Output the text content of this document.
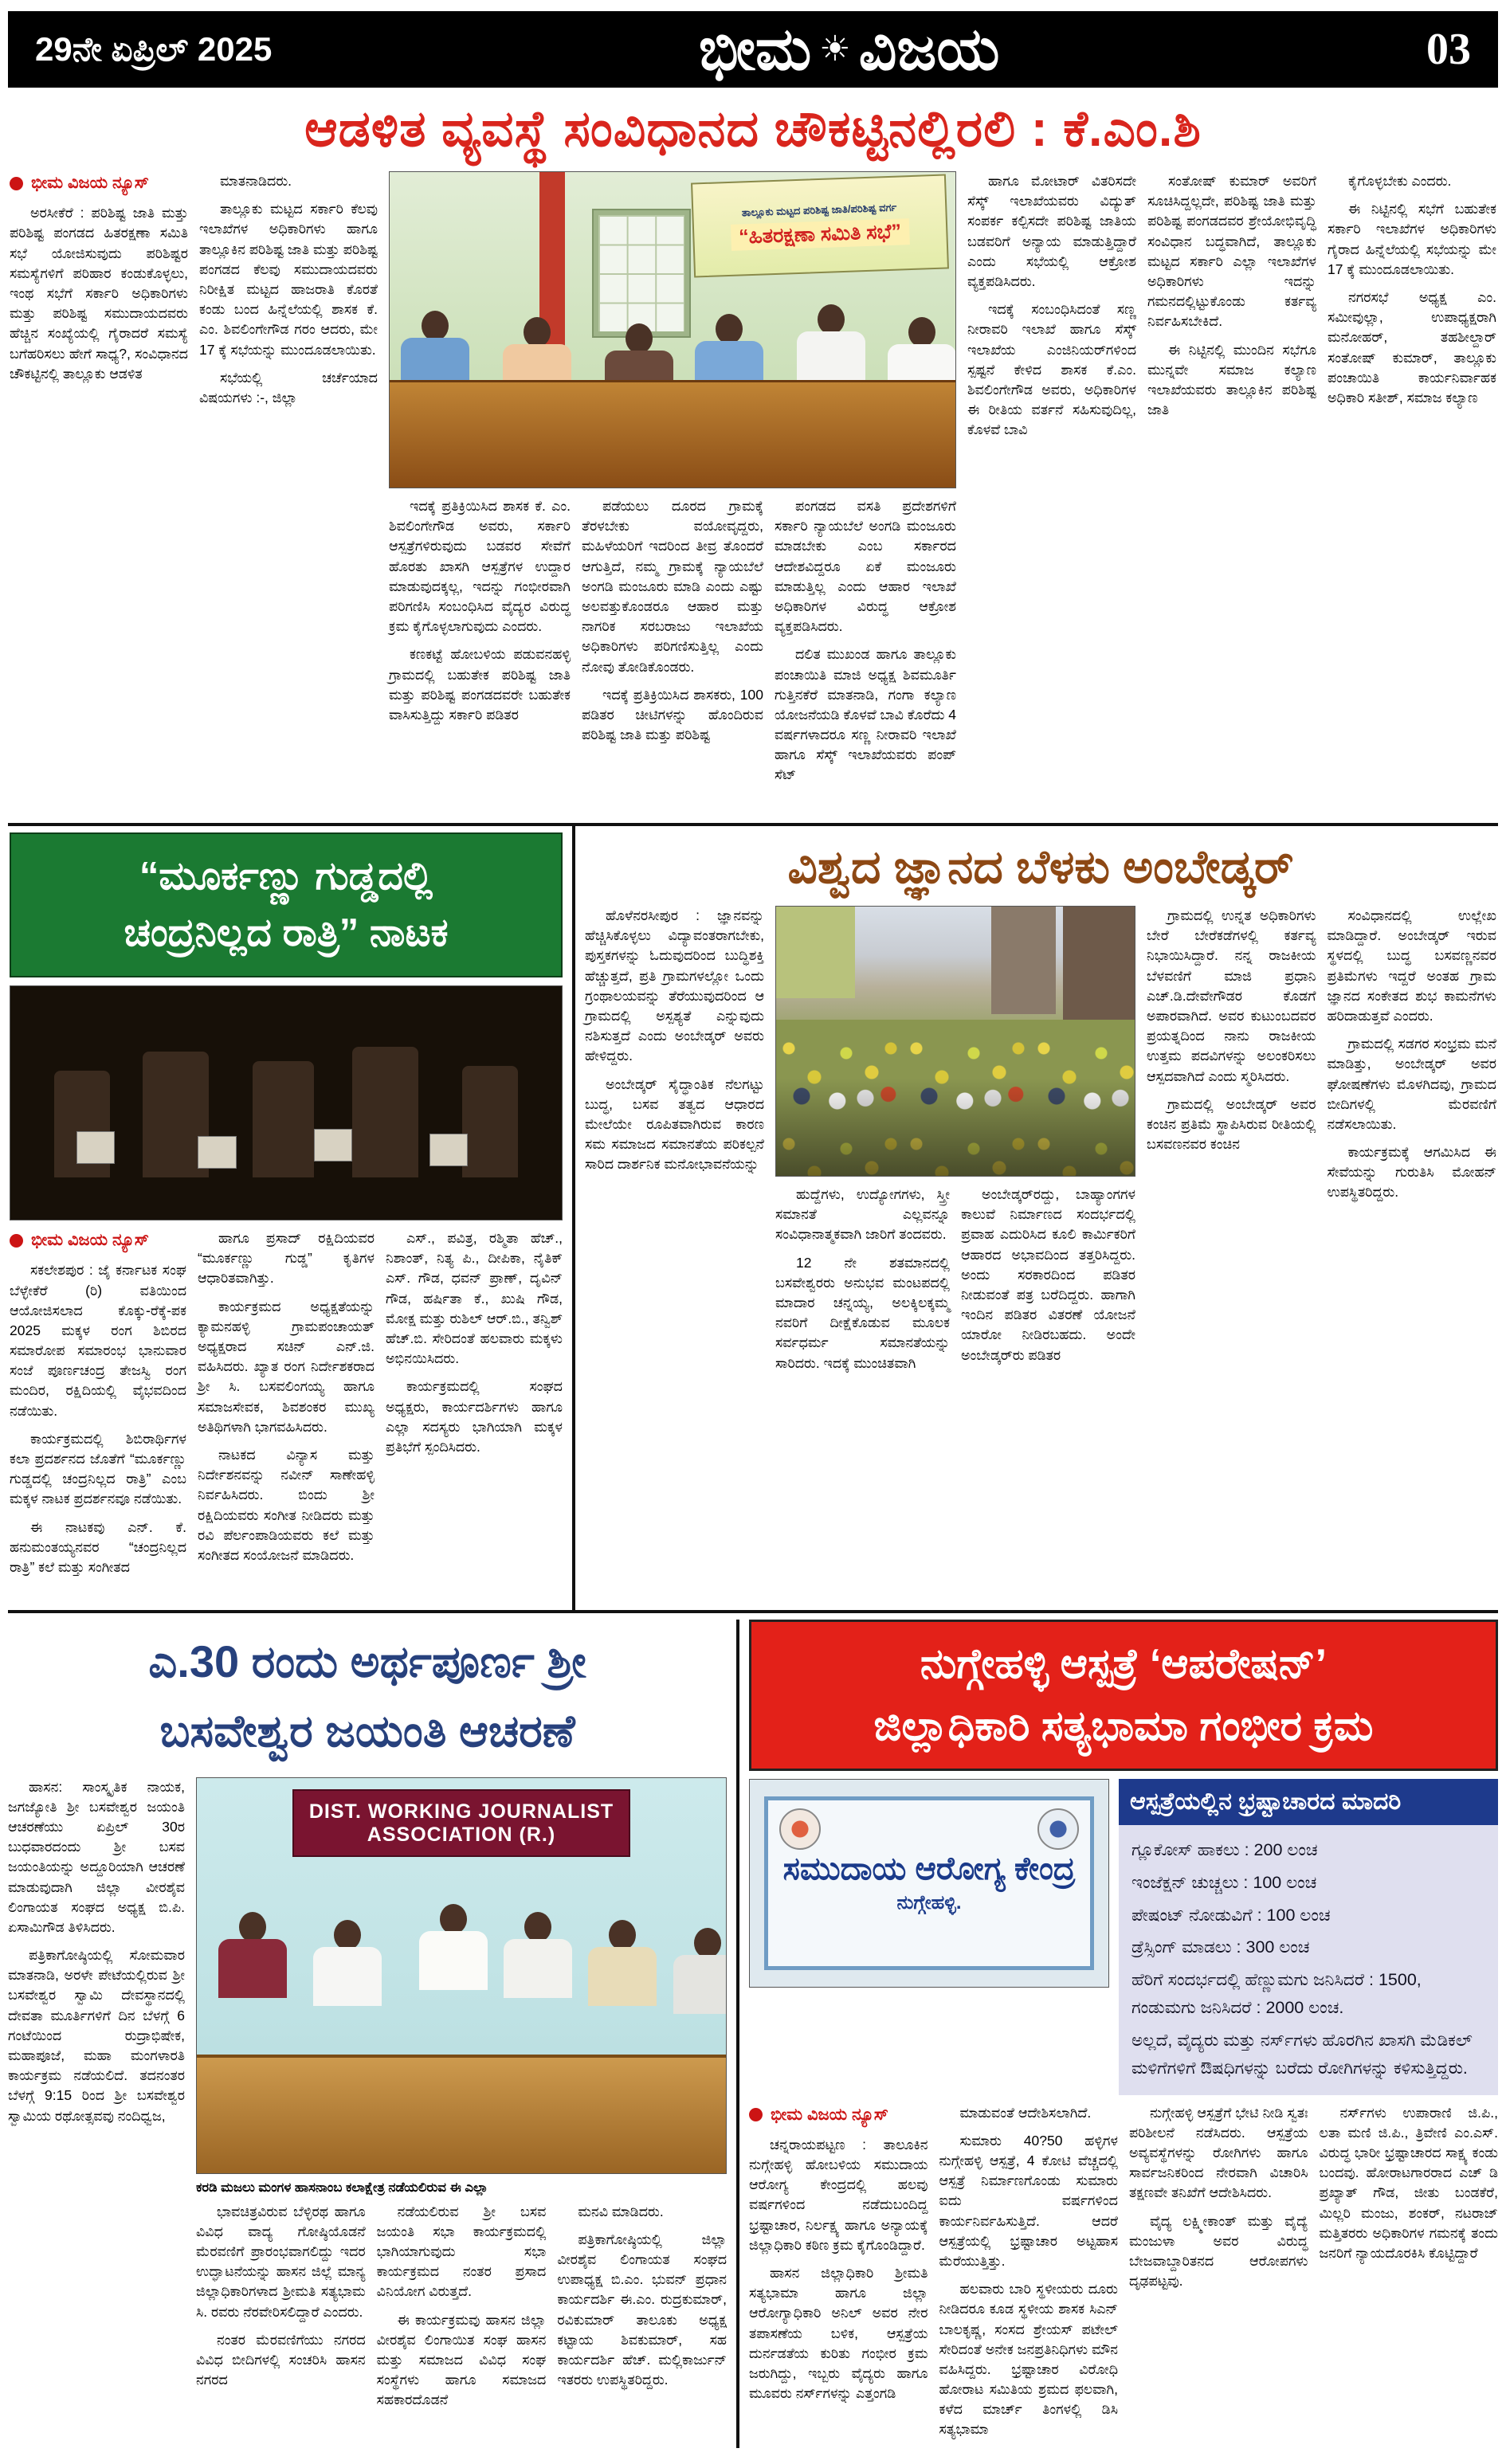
29ನೇ ಏಪ್ರಿಲ್ 2025	ಭೀಮ ☀ ವಿಜಯ	03
ಆಡಳಿತ ವ್ಯವಸ್ಥೆ ಸಂವಿಧಾನದ ಚೌಕಟ್ಟಿನಲ್ಲಿರಲಿ : ಕೆ.ಎಂ.ಶಿ
ಭೀಮ ವಿಜಯ ನ್ಯೂಸ್

ಅರಸೀಕೆರೆ : ಪರಿಶಿಷ್ಟ ಜಾತಿ ಮತ್ತು ಪರಿಶಿಷ್ಟ ಪಂಗಡದ ಹಿತರಕ್ಷಣಾ ಸಮಿತಿ ಸಭೆ ಯೋಜಿಸುವುದು ಪರಿಶಿಷ್ಟರ ಸಮಸ್ಯೆಗಳಿಗೆ ಪರಿಹಾರ ಕಂಡುಕೊಳ್ಳಲು, ಇಂಥ ಸಭೆಗೆ ಸರ್ಕಾರಿ ಅಧಿಕಾರಿಗಳು ಮತ್ತು ಪರಿಶಿಷ್ಟ ಸಮುದಾಯದವರು ಹೆಚ್ಚಿನ ಸಂಖ್ಯೆಯಲ್ಲಿ ಗೈರಾದರೆ ಸಮಸ್ಯೆ ಬಗೆಹರಿಸಲು ಹೇಗೆ ಸಾಧ್ಯ?, ಸಂವಿಧಾನದ ಚೌಕಟ್ಟಿನಲ್ಲಿ ತಾಲ್ಲೂಕು ಆಡಳಿತ

ಮಾತನಾಡಿದರು.

ತಾಲ್ಲೂಕು ಮಟ್ಟದ ಸರ್ಕಾರಿ ಕೆಲವು ಇಲಾಖೆಗಳ ಅಧಿಕಾರಿಗಳು ಹಾಗೂ ತಾಲ್ಲೂಕಿನ ಪರಿಶಿಷ್ಟ ಜಾತಿ ಮತ್ತು ಪರಿಶಿಷ್ಟ ಪಂಗಡದ ಕೆಲವು ಸಮುದಾಯದವರು ನಿರೀಕ್ಷಿತ ಮಟ್ಟದ ಹಾಜರಾತಿ ಕೊರತೆ ಕಂಡು ಬಂದ ಹಿನ್ನೆಲೆಯಲ್ಲಿ ಶಾಸಕ ಕೆ. ಎಂ. ಶಿವಲಿಂಗೇಗೌಡ ಗರಂ ಆದರು, ಮೇ 17 ಕ್ಕೆ ಸಭೆಯನ್ನು ಮುಂದೂಡಲಾಯಿತು.

ಸಭೆಯಲ್ಲಿ ಚರ್ಚೆಯಾದ ವಿಷಯಗಳು :-, ಜಿಲ್ಲಾ

ತಾಲ್ಲೂಕು ಮಟ್ಟದ ಪರಿಶಿಷ್ಟ ಜಾತಿ/ಪರಿಶಿಷ್ಟ ವರ್ಗ
“ಹಿತರಕ್ಷಣಾ ಸಮಿತಿ ಸಭೆ”

ಇದಕ್ಕೆ ಪ್ರತಿಕ್ರಿಯಿಸಿದ ಶಾಸಕ ಕೆ. ಎಂ. ಶಿವಲಿಂಗೇಗೌಡ ಅವರು, ಸರ್ಕಾರಿ ಆಸ್ಪತ್ರೆಗಳಿರುವುದು ಬಡವರ ಸೇವೆಗೆ ಹೊರತು ಖಾಸಗಿ ಆಸ್ಪತ್ರೆಗಳ ಉದ್ದಾರ ಮಾಡುವುದಕ್ಕಲ್ಲ, ಇದನ್ನು ಗಂಭೀರವಾಗಿ ಪರಿಗಣಿಸಿ ಸಂಬಂಧಿಸಿದ ವೈದ್ಯರ ವಿರುದ್ಧ ಕ್ರಮ ಕೈಗೊಳ್ಳಲಾಗುವುದು ಎಂದರು.

ಕಣಕಟ್ಟೆ ಹೋಬಳಿಯ ಪಡುವನಹಳ್ಳಿ ಗ್ರಾಮದಲ್ಲಿ ಬಹುತೇಕ ಪರಿಶಿಷ್ಟ ಜಾತಿ ಮತ್ತು ಪರಿಶಿಷ್ಟ ಪಂಗಡದವರೇ ಬಹುತೇಕ ವಾಸಿಸುತ್ತಿದ್ದು ಸರ್ಕಾರಿ ಪಡಿತರ

ಪಡೆಯಲು ದೂರದ ಗ್ರಾಮಕ್ಕೆ ತೆರಳಬೇಕು ವಯೋವೃದ್ದರು, ಮಹಿಳೆಯರಿಗೆ ಇದರಿಂದ ತೀವ್ರ ತೊಂದರೆ ಆಗುತ್ತಿದೆ, ನಮ್ಮ ಗ್ರಾಮಕ್ಕೆ ನ್ಯಾಯಬೆಲೆ ಅಂಗಡಿ ಮಂಜೂರು ಮಾಡಿ ಎಂದು ಎಷ್ಟು ಅಲವತ್ತುಕೊಂಡರೂ ಆಹಾರ ಮತ್ತು ನಾಗರಿಕ ಸರಬರಾಜು ಇಲಾಖೆಯ ಅಧಿಕಾರಿಗಳು ಪರಿಗಣಿಸುತ್ತಿಲ್ಲ ಎಂದು ನೋವು ತೋಡಿಕೊಂಡರು.

ಇದಕ್ಕೆ ಪ್ರತಿಕ್ರಿಯಿಸಿದ ಶಾಸಕರು, 100 ಪಡಿತರ ಚೀಟಿಗಳನ್ನು ಹೊಂದಿರುವ ಪರಿಶಿಷ್ಟ ಜಾತಿ ಮತ್ತು ಪರಿಶಿಷ್ಟ

ಪಂಗಡದ ವಸತಿ ಪ್ರದೇಶಗಳಿಗೆ ಸರ್ಕಾರಿ ನ್ಯಾಯಬೆಲೆ ಅಂಗಡಿ ಮಂಜೂರು ಮಾಡಬೇಕು ಎಂಬ ಸರ್ಕಾರದ ಆದೇಶವಿದ್ದರೂ ಏಕೆ ಮಂಜೂರು ಮಾಡುತ್ತಿಲ್ಲ ಎಂದು ಆಹಾರ ಇಲಾಖೆ ಅಧಿಕಾರಿಗಳ ವಿರುದ್ಧ ಆಕ್ರೋಶ ವ್ಯಕ್ತಪಡಿಸಿದರು.

ದಲಿತ ಮುಖಂಡ ಹಾಗೂ ತಾಲ್ಲೂಕು ಪಂಚಾಯಿತಿ ಮಾಜಿ ಅಧ್ಯಕ್ಷ ಶಿವಮೂರ್ತಿ ಗುತ್ತಿನಕೆರೆ ಮಾತನಾಡಿ, ಗಂಗಾ ಕಲ್ಯಾಣ ಯೋಜನೆಯಡಿ ಕೊಳವೆ ಬಾವಿ ಕೊರೆದು 4 ವರ್ಷಗಳಾದರೂ ಸಣ್ಣ ನೀರಾವರಿ ಇಲಾಖೆ ಹಾಗೂ ಸೆಸ್ಕ್ ಇಲಾಖೆಯವರು ಪಂಪ್ ಸೆಟ್

ಹಾಗೂ ಮೋಟಾರ್ ವಿತರಿಸದೇ ಸೆಸ್ಕ್ ಇಲಾಖೆಯವರು ವಿದ್ಯುತ್ ಸಂಪರ್ಕ ಕಲ್ಪಿಸದೇ ಪರಿಶಿಷ್ಟ ಜಾತಿಯ ಬಡವರಿಗೆ ಅನ್ಯಾಯ ಮಾಡುತ್ತಿದ್ದಾರೆ ಎಂದು ಸಭೆಯಲ್ಲಿ ಆಕ್ರೋಶ ವ್ಯಕ್ತಪಡಿಸಿದರು.

ಇದಕ್ಕೆ ಸಂಬಂಧಿಸಿದಂತೆ ಸಣ್ಣ ನೀರಾವರಿ ಇಲಾಖೆ ಹಾಗೂ ಸೆಸ್ಕ್ ಇಲಾಖೆಯ ಎಂಜಿನಿಯರ್‌ಗಳಿಂದ ಸ್ಪಷ್ಟನೆ ಕೇಳಿದ ಶಾಸಕ ಕೆ.ಎಂ. ಶಿವಲಿಂಗೇಗೌಡ ಅವರು, ಅಧಿಕಾರಿಗಳ ಈ ರೀತಿಯ ವರ್ತನೆ ಸಹಿಸುವುದಿಲ್ಲ, ಕೊಳವೆ ಬಾವಿ

ಸಂತೋಷ್ ಕುಮಾರ್ ಅವರಿಗೆ ಸೂಚಿಸಿದ್ದಲ್ಲದೇ, ಪರಿಶಿಷ್ಟ ಜಾತಿ ಮತ್ತು ಪರಿಶಿಷ್ಟ ಪಂಗಡದವರ ಶ್ರೇಯೋಭಿವೃದ್ಧಿ ಸಂವಿಧಾನ ಬದ್ಧವಾಗಿದೆ, ತಾಲ್ಲೂಕು ಮಟ್ಟದ ಸರ್ಕಾರಿ ಎಲ್ಲಾ ಇಲಾಖೆಗಳ ಅಧಿಕಾರಿಗಳು ಇದನ್ನು ಗಮನದಲ್ಲಿಟ್ಟುಕೊಂಡು ಕರ್ತವ್ಯ ನಿರ್ವಹಿಸಬೇಕಿದೆ.

ಈ ನಿಟ್ಟಿನಲ್ಲಿ ಮುಂದಿನ ಸಭೆಗೂ ಮುನ್ನವೇ ಸಮಾಜ ಕಲ್ಯಾಣ ಇಲಾಖೆಯವರು ತಾಲ್ಲೂಕಿನ ಪರಿಶಿಷ್ಟ ಜಾತಿ

ಕೈಗೊಳ್ಳಬೇಕು ಎಂದರು.

ಈ ನಿಟ್ಟಿನಲ್ಲಿ ಸಭೆಗೆ ಬಹುತೇಕ ಸರ್ಕಾರಿ ಇಲಾಖೆಗಳ ಅಧಿಕಾರಿಗಳು ಗೈರಾದ ಹಿನ್ನೆಲೆಯಲ್ಲಿ ಸಭೆಯನ್ನು ಮೇ 17 ಕ್ಕೆ ಮುಂದೂಡಲಾಯಿತು.

ನಗರಸಭೆ ಅಧ್ಯಕ್ಷ ಎಂ. ಸಮೀವುಲ್ಲಾ, ಉಪಾಧ್ಯಕ್ಷರಾಗಿ ಮನೋಹರ್, ತಹಶೀಲ್ದಾರ್ ಸಂತೋಷ್ ಕುಮಾರ್, ತಾಲ್ಲೂಕು ಪಂಚಾಯಿತಿ ಕಾರ್ಯನಿರ್ವಾಹಕ ಅಧಿಕಾರಿ ಸತೀಶ್, ಸಮಾಜ ಕಲ್ಯಾಣ

“ಮೂರ್ಕಣ್ಣು ಗುಡ್ಡದಲ್ಲಿ
ಚಂದ್ರನಿಲ್ಲದ ರಾತ್ರಿ” ನಾಟಕ
ಭೀಮ ವಿಜಯ ನ್ಯೂಸ್

ಸಕಲೇಶಪುರ : ಜೈ ಕರ್ನಾಟಕ ಸಂಘ ಬೆಳ್ಳೇಕೆರೆ (ರಿ) ವತಿಯಿಂದ ಆಯೋಜಿಸಲಾದ ಕೊಕ್ಕು-ರೆಕ್ಕೆ-ಪಕ 2025 ಮಕ್ಕಳ ರಂಗ ಶಿಬಿರದ ಸಮಾರೋಪ ಸಮಾರಂಭ ಭಾನುವಾರ ಸಂಜೆ ಪೂರ್ಣಚಂದ್ರ ತೇಜಸ್ವಿ ರಂಗ ಮಂದಿರ, ರಕ್ಷಿದಿಯಲ್ಲಿ ವೈಭವದಿಂದ ನಡೆಯಿತು.

ಕಾರ್ಯಕ್ರಮದಲ್ಲಿ ಶಿಬಿರಾರ್ಥಿಗಳ ಕಲಾ ಪ್ರದರ್ಶನದ ಜೊತೆಗೆ “ಮೂರ್ಕಣ್ಣು ಗುಡ್ಡದಲ್ಲಿ ಚಂದ್ರನಿಲ್ಲದ ರಾತ್ರಿ” ಎಂಬ ಮಕ್ಕಳ ನಾಟಕ ಪ್ರದರ್ಶನವೂ ನಡೆಯಿತು.

ಈ ನಾಟಕವು ಎನ್. ಕೆ. ಹನುಮಂತಯ್ಯನವರ “ಚಂದ್ರನಿಲ್ಲದ ರಾತ್ರಿ” ಕಲೆ ಮತ್ತು ಸಂಗೀತದ

ಹಾಗೂ ಪ್ರಸಾದ್ ರಕ್ಷಿದಿಯವರ “ಮೂರ್ಕಣ್ಣು ಗುಡ್ಡ” ಕೃತಿಗಳ ಆಧಾರಿತವಾಗಿತ್ತು.

ಕಾರ್ಯಕ್ರಮದ ಅಧ್ಯಕ್ಷತೆಯನ್ನು ಕ್ಯಾಮನಹಳ್ಳಿ ಗ್ರಾಮಪಂಚಾಯತ್ ಅಧ್ಯಕ್ಷರಾದ ಸಚಿನ್ ಎನ್.ಜಿ. ವಹಿಸಿದರು. ಖ್ಯಾತ ರಂಗ ನಿರ್ದೇಶಕರಾದ ಶ್ರೀ ಸಿ. ಬಸವಲಿಂಗಯ್ಯ ಹಾಗೂ ಸಮಾಜಸೇವಕ, ಶಿವಶಂಕರ ಮುಖ್ಯ ಅತಿಥಿಗಳಾಗಿ ಭಾಗವಹಿಸಿದರು.

ನಾಟಕದ ವಿನ್ಯಾಸ ಮತ್ತು ನಿರ್ದೇಶನವನ್ನು ನವೀನ್ ಸಾಣೇಹಳ್ಳಿ ನಿರ್ವಹಿಸಿದರು. ಬಿಂದು ಶ್ರೀ ರಕ್ಷಿದಿಯವರು ಸಂಗೀತ ನೀಡಿದರು ಮತ್ತು ರವಿ ಪೆರ್ಲಂಪಾಡಿಯವರು ಕಲೆ ಮತ್ತು ಸಂಗೀತದ ಸಂಯೋಜನೆ ಮಾಡಿದರು.

ಎಸ್., ಪವಿತ್ರ, ರಶ್ಮಿತಾ ಹೆಚ್., ನಿಶಾಂತ್, ನಿತ್ಯ ಪಿ., ದೀಪಿಕಾ, ನೈತಿಕ್ ಎಸ್. ಗೌಡ, ಧವನ್ ಪ್ರಾಣ್, ದೃವಿನ್ ಗೌಡ, ಹರ್ಷಿತಾ ಕೆ., ಖುಷಿ ಗೌಡ, ಮೋಕ್ಷ ಮತ್ತು ರುಶಿಲ್ ಆರ್.ಬಿ., ತನ್ವಿಶ್ ಹೆಚ್.ಬಿ. ಸೇರಿದಂತೆ ಹಲವಾರು ಮಕ್ಕಳು ಅಭಿನಯಿಸಿದರು.

ಕಾರ್ಯಕ್ರಮದಲ್ಲಿ ಸಂಘದ ಅಧ್ಯಕ್ಷರು, ಕಾರ್ಯದರ್ಶಿಗಳು ಹಾಗೂ ಎಲ್ಲಾ ಸದಸ್ಯರು ಭಾಗಿಯಾಗಿ ಮಕ್ಕಳ ಪ್ರತಿಭೆಗೆ ಸ್ಪಂದಿಸಿದರು.

ವಿಶ್ವದ ಜ್ಞಾನದ ಬೆಳಕು ಅಂಬೇಡ್ಕರ್

ಹೊಳೆನರಸೀಪುರ : ಜ್ಞಾನವನ್ನು ಹೆಚ್ಚಿಸಿಕೊಳ್ಳಲು ವಿದ್ಯಾವಂತರಾಗಬೇಕು, ಪುಸ್ತಕಗಳನ್ನು ಓದುವುದರಿಂದ ಬುದ್ಧಿಶಕ್ತಿ ಹೆಚ್ಚುತ್ತದೆ, ಪ್ರತಿ ಗ್ರಾಮಗಳಲ್ಲೋ ಒಂದು ಗ್ರಂಥಾಲಯವನ್ನು ತೆರೆಯುವುದರಿಂದ ಆ ಗ್ರಾಮದಲ್ಲಿ ಅಸ್ಪಶ್ಯತೆ ಎನ್ನುವುದು ನಶಿಸುತ್ತದೆ ಎಂದು ಅಂಬೇಡ್ಕರ್ ಅವರು ಹೇಳಿದ್ದರು.

ಅಂಬೇಡ್ಕರ್ ಸೈದ್ಧಾಂತಿಕ ನೆಲಗಟ್ಟು ಬುದ್ಧ, ಬಸವ ತತ್ವದ ಆಧಾರದ ಮೇಲೆಯೇ ರೂಪಿತವಾಗಿರುವ ಕಾರಣ ಸಮ ಸಮಾಜದ ಸಮಾನತೆಯ ಪರಿಕಲ್ಪನೆ ಸಾರಿದ ದಾರ್ಶನಿಕ ಮನೋಭಾವನೆಯನ್ನು

ಹುದ್ದೆಗಳು, ಉದ್ಯೋಗಗಳು, ಸ್ತ್ರೀ ಸಮಾನತೆ ಎಲ್ಲವನ್ನೂ ಸಂವಿಧಾನಾತ್ಮಕವಾಗಿ ಜಾರಿಗೆ ತಂದವರು.

12 ನೇ ಶತಮಾನದಲ್ಲಿ ಬಸವೇಶ್ವರರು ಅನುಭವ ಮಂಟಪದಲ್ಲಿ ಮಾದಾರ ಚನ್ನಯ್ಯ, ಅಲಕ್ಕಿಲಕ್ಕಮ್ಮ ನವರಿಗೆ ದೀಕ್ಷೆಕೊಡುವ ಮೂಲಕ ಸರ್ವಧರ್ಮ ಸಮಾನತೆಯನ್ನು ಸಾರಿದರು. ಇದಕ್ಕೆ ಮುಂಚಿತವಾಗಿ

ಅಂಬೇಡ್ಕರ್‌ರದ್ದು, ಬಾಹ್ಯಾಂಗಗಳ ಕಾಲುವೆ ನಿರ್ಮಾಣದ ಸಂದರ್ಭದಲ್ಲಿ ಪ್ರವಾಹ ಎದುರಿಸಿದ ಕೂಲಿ ಕಾರ್ಮಿಕರಿಗೆ ಆಹಾರದ ಅಭಾವದಿಂದ ತತ್ತರಿಸಿದ್ದರು. ಅಂದು ಸರಕಾರದಿಂದ ಪಡಿತರ ನೀಡುವಂತೆ ಪತ್ರ ಬರೆದಿದ್ದರು. ಹಾಗಾಗಿ ಇಂದಿನ ಪಡಿತರ ವಿತರಣೆ ಯೋಜನೆ ಯಾರೋ ನೀಡಿರಬಹದು. ಅಂದೇ ಅಂಬೇಡ್ಕರ್‌ರು ಪಡಿತರ

ಗ್ರಾಮದಲ್ಲಿ ಉನ್ನತ ಅಧಿಕಾರಿಗಳು ಬೇರೆ ಬೇರೆಕಡೆಗಳಲ್ಲಿ ಕರ್ತವ್ಯ ನಿಭಾಯಿಸಿದ್ದಾರೆ. ನನ್ನ ರಾಜಕೀಯ ಬೆಳವಣಿಗೆ ಮಾಜಿ ಪ್ರಧಾನಿ ಎಚ್.ಡಿ.ದೇವೇಗೌಡರ ಕೊಡಗೆ ಅಪಾರವಾಗಿದೆ. ಅವರ ಕುಟುಂಬದವರ ಪ್ರಯತ್ನದಿಂದ ನಾನು ರಾಜಕೀಯ ಉತ್ತಮ ಪದವಿಗಳನ್ನು ಅಲಂಕರಿಸಲು ಆಸ್ಪದವಾಗಿದೆ ಎಂದು ಸ್ಮರಿಸಿದರು.

ಗ್ರಾಮದಲ್ಲಿ ಅಂಬೇಡ್ಕರ್ ಅವರ ಕಂಚಿನ ಪ್ರತಿಮೆ ಸ್ಥಾಪಿಸಿರುವ ರೀತಿಯಲ್ಲಿ ಬಸವಣನವರ ಕಂಚಿನ

ಸಂವಿಧಾನದಲ್ಲಿ ಉಲ್ಲೇಖ ಮಾಡಿದ್ದಾರೆ. ಅಂಬೇಡ್ಕರ್ ಇರುವ ಸ್ಥಳದಲ್ಲಿ ಬುದ್ಧ ಬಸವಣ್ಣನವರ ಪ್ರತಿಮೆಗಳು ಇದ್ದರೆ ಅಂತಹ ಗ್ರಾಮ ಜ್ಞಾನದ ಸಂಕೇತದ ಶುಭ ಕಾಮನೆಗಳು ಹರಿದಾಡುತ್ತವೆ ಎಂದರು.

ಗ್ರಾಮದಲ್ಲಿ ಸಡಗರ ಸಂಭ್ರಮ ಮನೆ ಮಾಡಿತ್ತು, ಅಂಬೇಡ್ಕರ್ ಅವರ ಘೋಷಣೆಗಳು ಮೊಳಗಿದವು, ಗ್ರಾಮದ ಬೀದಿಗಳಲ್ಲಿ ಮೆರವಣಿಗೆ ನಡೆಸಲಾಯಿತು.

ಕಾರ್ಯಕ್ರಮಕ್ಕೆ ಆಗಮಿಸಿದ ಈ ಸೇವೆಯನ್ನು ಗುರುತಿಸಿ ಮೋಹನ್ ಉಪಸ್ಥಿತರಿದ್ದರು.

ಎ.30 ರಂದು ಅರ್ಥಪೂರ್ಣ ಶ್ರೀ
ಬಸವೇಶ್ವರ ಜಯಂತಿ ಆಚರಣೆ

ಹಾಸನ: ಸಾಂಸ್ಕೃತಿಕ ನಾಯಕ, ಜಗಜ್ಯೋತಿ ಶ್ರೀ ಬಸವೇಶ್ವರ ಜಯಂತಿ ಆಚರಣೆಯು ಏಪ್ರಿಲ್ 30ರ ಬುಧವಾರದಂದು ಶ್ರೀ ಬಸವ ಜಯಂತಿಯನ್ನು ಅದ್ದೂರಿಯಾಗಿ ಆಚರಣೆ ಮಾಡುವುದಾಗಿ ಜಿಲ್ಲಾ ವೀರಶೈವ ಲಿಂಗಾಯತ ಸಂಘದ ಅಧ್ಯಕ್ಷ ಬಿ.ಪಿ. ಏಸಾಮಿಗೌಡ ತಿಳಿಸಿದರು.

ಪತ್ರಿಕಾಗೋಷ್ಠಿಯಲ್ಲಿ ಸೋಮವಾರ ಮಾತನಾಡಿ, ಅರಳೇ ಪೇಟೆಯಲ್ಲಿರುವ ಶ್ರೀ ಬಸವೇಶ್ವರ ಸ್ವಾಮಿ ದೇವಸ್ಥಾನದಲ್ಲಿ ದೇವತಾ ಮೂರ್ತಿಗಳಿಗೆ ದಿನ ಬೆಳಗ್ಗೆ 6 ಗಂಟೆಯಿಂದ ರುದ್ರಾಭಿಷೇಕ, ಮಹಾಪೂಜೆ, ಮಹಾ ಮಂಗಳಾರತಿ ಕಾರ್ಯಕ್ರಮ ನಡೆಯಲಿದೆ. ತದನಂತರ ಬೆಳಗ್ಗೆ 9:15 ರಿಂದ ಶ್ರೀ ಬಸವೇಶ್ವರ ಸ್ವಾಮಿಯ ರಥೋತ್ಸವವು ನಂದಿಧ್ವಜ,

DIST. WORKING JOURNALIST ASSOCIATION (R.)
ಕರಡಿ ಮಜಲು ಮಂಗಳ ಹಾಸನಾಂಬ ಕಲಾಕ್ಷೇತ್ರ ನಡೆಯಲಿರುವ ಈ ಎಲ್ಲಾ

ಭಾವಚಿತ್ರವಿರುವ ಬೆಳ್ಳಿರಥ ಹಾಗೂ ವಿವಿಧ ವಾದ್ಯ ಗೋಷ್ಠಿಯೊಡನೆ ಮೆರವಣಿಗೆ ಪ್ರಾರಂಭವಾಗಲಿದ್ದು ಇದರ ಉದ್ಘಾಟನೆಯನ್ನು ಹಾಸನ ಜಿಲ್ಲೆ ಮಾನ್ಯ ಜಿಲ್ಲಾಧಿಕಾರಿಗಳಾದ ಶ್ರೀಮತಿ ಸತ್ಯಭಾಮ ಸಿ. ರವರು ನೆರವೇರಿಸಲಿದ್ದಾರೆ ಎಂದರು.

ನಂತರ ಮೆರವಣಿಗೆಯು ನಗರದ ವಿವಿಧ ಬೀದಿಗಳಲ್ಲಿ ಸಂಚರಿಸಿ ಹಾಸನ ನಗರದ

ನಡೆಯಲಿರುವ ಶ್ರೀ ಬಸವ ಜಯಂತಿ ಸಭಾ ಕಾರ್ಯಕ್ರಮದಲ್ಲಿ ಭಾಗಿಯಾಗುವುದು ಸಭಾ ಕಾರ್ಯಕ್ರಮದ ನಂತರ ಪ್ರಸಾದ ವಿನಿಯೋಗ ವಿರುತ್ತದೆ.

ಈ ಕಾರ್ಯಕ್ರಮವು ಹಾಸನ ಜಿಲ್ಲಾ ವೀರಶೈವ ಲಿಂಗಾಯಿತ ಸಂಘ ಹಾಸನ ಮತ್ತು ಸಮಾಜದ ವಿವಿಧ ಸಂಘ ಸಂಸ್ಥೆಗಳು ಹಾಗೂ ಸಮಾಜದ ಸಹಕಾರದೊಡನೆ

ಮನವಿ ಮಾಡಿದರು.

ಪತ್ರಿಕಾಗೋಷ್ಠಿಯಲ್ಲಿ ಜಿಲ್ಲಾ ವೀರಶೈವ ಲಿಂಗಾಯತ ಸಂಘದ ಉಪಾಧ್ಯಕ್ಷ ಬಿ.ಎಂ. ಭುವನ್ ಪ್ರಧಾನ ಕಾರ್ಯದರ್ಶಿ ಈ.ಎಂ. ರುದ್ರಕುಮಾರ್, ರವಿಕುಮಾರ್ ತಾಲೂಕು ಅಧ್ಯಕ್ಷ ಕಟ್ಟಾಯ ಶಿವಕುಮಾರ್, ಸಹ ಕಾರ್ಯದರ್ಶಿ ಹೆಚ್. ಮಲ್ಲಿಕಾರ್ಜುನ್ ಇತರರು ಉಪಸ್ಥಿತರಿದ್ದರು.

ನುಗ್ಗೇಹಳ್ಳಿ ಆಸ್ಪತ್ರೆ ‘ಆಪರೇಷನ್’
ಜಿಲ್ಲಾಧಿಕಾರಿ ಸತ್ಯಭಾಮಾ ಗಂಭೀರ ಕ್ರಮ
ಸಮುದಾಯ ಆರೋಗ್ಯ ಕೇಂದ್ರ
ನುಗ್ಗೇಹಳ್ಳಿ.
ಆಸ್ಪತ್ರೆಯಲ್ಲಿನ ಭ್ರಷ್ಟಾಚಾರದ ಮಾದರಿ

ಗ್ಲೂಕೋಸ್ ಹಾಕಲು : 200 ಲಂಚ

ಇಂಜೆಕ್ಷನ್ ಚುಚ್ಚಲು : 100 ಲಂಚ

ಪೇಷಂಟ್ ನೋಡುವಿಗೆ : 100 ಲಂಚ

ಡ್ರೆಸ್ಸಿಂಗ್ ಮಾಡಲು : 300 ಲಂಚ

ಹೆರಿಗೆ ಸಂದರ್ಭದಲ್ಲಿ ಹೆಣ್ಣುಮಗು ಜನಿಸಿದರೆ : 1500, ಗಂಡುಮಗು ಜನಿಸಿದರೆ : 2000 ಲಂಚ.

ಅಲ್ಲದೆ, ವೈದ್ಯರು ಮತ್ತು ನರ್ಸ್‌ಗಳು ಹೊರಗಿನ ಖಾಸಗಿ ಮೆಡಿಕಲ್ ಮಳಿಗೆಗಳಿಗೆ ಔಷಧಿಗಳನ್ನು ಬರೆದು ರೋಗಿಗಳನ್ನು ಕಳಿಸುತ್ತಿದ್ದರು.

ಭೀಮ ವಿಜಯ ನ್ಯೂಸ್

ಚನ್ನರಾಯಪಟ್ಟಣ : ತಾಲೂಕಿನ ನುಗ್ಗೇಹಳ್ಳಿ ಹೋಬಳಿಯ ಸಮುದಾಯ ಆರೋಗ್ಯ ಕೇಂದ್ರದಲ್ಲಿ ಹಲವು ವರ್ಷಗಳಿಂದ ನಡೆದುಬಂದಿದ್ದ ಭ್ರಷ್ಟಾಚಾರ, ನಿರ್ಲಕ್ಷ್ಯ ಹಾಗೂ ಅನ್ಯಾಯಕ್ಕೆ ಜಿಲ್ಲಾಧಿಕಾರಿ ಕಠಿಣ ಕ್ರಮ ಕೈಗೊಂಡಿದ್ದಾರೆ.

ಹಾಸನ ಜಿಲ್ಲಾಧಿಕಾರಿ ಶ್ರೀಮತಿ ಸತ್ಯಭಾಮಾ ಹಾಗೂ ಜಿಲ್ಲಾ ಆರೋಗ್ಯಾಧಿಕಾರಿ ಅನಿಲ್ ಅವರ ನೇರ ತಪಾಸಣೆಯ ಬಳಿಕ, ಆಸ್ಪತ್ರೆಯ ದುರ್ನಡತೆಯ ಕುರಿತು ಗಂಭೀರ ಕ್ರಮ ಜರುಗಿದ್ದು, ಇಬ್ಬರು ವೈದ್ಯರು ಹಾಗೂ ಮೂವರು ನರ್ಸ್‌ಗಳನ್ನು ಎತ್ತಂಗಡಿ

ಮಾಡುವಂತೆ ಆದೇಶಿಸಲಾಗಿದೆ.

ಸುಮಾರು 40?50 ಹಳ್ಳಿಗಳ ನುಗ್ಗೇಹಳ್ಳಿ ಆಸ್ಪತ್ರೆ, 4 ಕೋಟಿ ವೆಚ್ಚದಲ್ಲಿ ಆಸ್ಪತ್ರೆ ನಿರ್ಮಾಣಗೊಂಡು ಸುಮಾರು ಐದು ವರ್ಷಗಳಿಂದ ಕಾರ್ಯನಿರ್ವಹಿಸುತ್ತಿದೆ. ಆದರೆ ಆಸ್ಪತ್ರೆಯಲ್ಲಿ ಭ್ರಷ್ಟಾಚಾರ ಅಟ್ಟಹಾಸ ಮೆರೆಯುತ್ತಿತ್ತು.

ಹಲವಾರು ಬಾರಿ ಸ್ಥಳೀಯರು ದೂರು ನೀಡಿದರೂ ಕೂಡ ಸ್ಥಳೀಯ ಶಾಸಕ ಸಿಎನ್ ಬಾಲಕೃಷ್ಣ, ಸಂಸದ ಶ್ರೇಯಸ್ ಪಟೇಲ್ ಸೇರಿದಂತೆ ಅನೇಕ ಜನಪ್ರತಿನಿಧಿಗಳು ಮೌನ ವಹಿಸಿದ್ದರು. ಭ್ರಷ್ಟಾಚಾರ ವಿರೋಧಿ ಹೋರಾಟ ಸಮಿತಿಯ ಶ್ರಮದ ಫಲವಾಗಿ, ಕಳೆದ ಮಾರ್ಚ್ ತಿಂಗಳಲ್ಲಿ ಡಿಸಿ ಸತ್ಯಭಾಮಾ

ನುಗ್ಗೇಹಳ್ಳಿ ಆಸ್ಪತ್ರೆಗೆ ಭೇಟಿ ನೀಡಿ ಸ್ವತಃ ಪರಿಶೀಲನೆ ನಡೆಸಿದರು. ಆಸ್ಪತ್ರೆಯ ಅವ್ಯವಸ್ಥೆಗಳನ್ನು ರೋಗಿಗಳು ಹಾಗೂ ಸಾರ್ವಜನಿಕರಿಂದ ನೇರವಾಗಿ ವಿಚಾರಿಸಿ ತಕ್ಷಣವೇ ತನಿಖೆಗೆ ಆದೇಶಿಸಿದರು.

ವೈದ್ಯ ಲಕ್ಷ್ಮೀಕಾಂತ್ ಮತ್ತು ವೈದ್ಯೆ ಮಂಜುಳಾ ಅವರ ವಿರುದ್ಧ ಬೇಜವಾಬ್ದಾರಿತನದ ಆರೋಪಗಳು ದೃಢಪಟ್ಟವು.

ನರ್ಸ್‌ಗಳು ಉಪಾರಾಣಿ ಜಿ.ಪಿ., ಲತಾ ಮಣಿ ಜಿ.ಪಿ., ತ್ರಿವೇಣಿ ಎಂ.ಎಸ್. ವಿರುದ್ಧ ಭಾರೀ ಭ್ರಷ್ಟಾಚಾರದ ಸಾಕ್ಷ್ಯ ಕಂಡು ಬಂದವು. ಹೋರಾಟಗಾರರಾದ ಎಚ್ ಡಿ ಪ್ರಖ್ಯಾತ್ ಗೌಡ, ಜೀತು ಬಂಡಕೆರೆ, ಮಿಲ್ಲರಿ ಮಂಜು, ಶಂಕರ್, ನಟರಾಜ್ ಮತ್ತಿತರರು ಅಧಿಕಾರಿಗಳ ಗಮನಕ್ಕೆ ತಂದು ಜನರಿಗೆ ನ್ಯಾಯದೊರಕಿಸಿ ಕೊಟ್ಟಿದ್ದಾರೆ
